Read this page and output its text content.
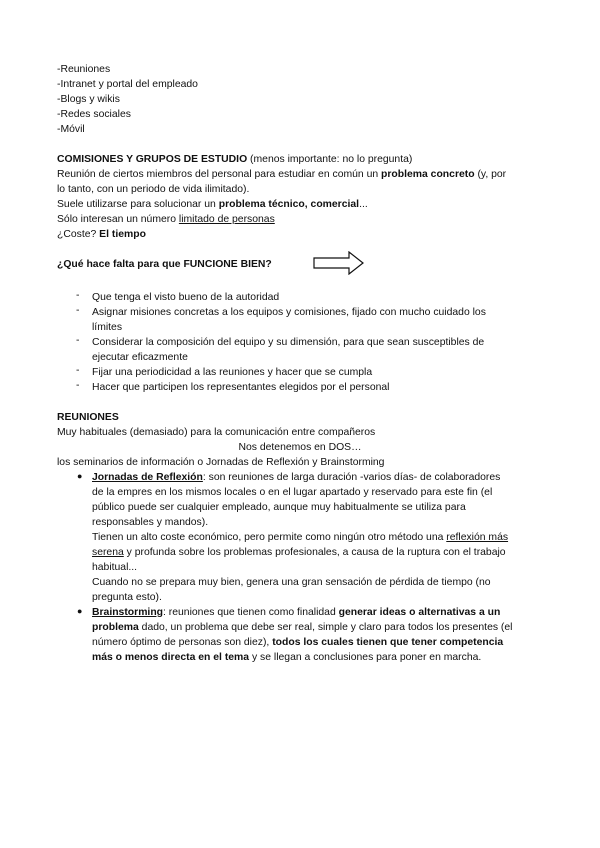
-Reuniones
-Intranet y portal del empleado
-Blogs y wikis
-Redes sociales
-Móvil
COMISIONES Y GRUPOS DE ESTUDIO (menos importante: no lo pregunta)
Reunión de ciertos miembros del personal para estudiar en común un problema concreto (y, por
lo tanto, con un periodo de vida ilimitado).
Suele utilizarse para solucionar un problema técnico, comercial...
Sólo interesan un número limitado de personas
¿Coste? El tiempo
¿Qué hace falta para que FUNCIONE BIEN?
- Que tenga el visto bueno de la autoridad
- Asignar misiones concretas a los equipos y comisiones, fijado con mucho cuidado los
límites
- Considerar la composición del equipo y su dimensión, para que sean susceptibles de
ejecutar eficazmente
- Fijar una periodicidad a las reuniones y hacer que se cumpla
- Hacer que participen los representantes elegidos por el personal
REUNIONES
Muy habituales (demasiado) para la comunicación entre compañeros
Nos detenemos en DOS…
los seminarios de información o Jornadas de Reflexión y Brainstorming
● Jornadas de Reflexión: son reuniones de larga duración -varios días- de colaboradores
de la empres en los mismos locales o en el lugar apartado y reservado para este fin (el
público puede ser cualquier empleado, aunque muy habitualmente se utiliza para
responsables y mandos).
Tienen un alto coste económico, pero permite como ningún otro método una reflexión más
serena y profunda sobre los problemas profesionales, a causa de la ruptura con el trabajo
habitual...
Cuando no se prepara muy bien, genera una gran sensación de pérdida de tiempo (no
pregunta esto).
● Brainstorming: reuniones que tienen como finalidad generar ideas o alternativas a un
problema dado, un problema que debe ser real, simple y claro para todos los presentes (el
número óptimo de personas son diez), todos los cuales tienen que tener competencia
más o menos directa en el tema y se llegan a conclusiones para poner en marcha.
